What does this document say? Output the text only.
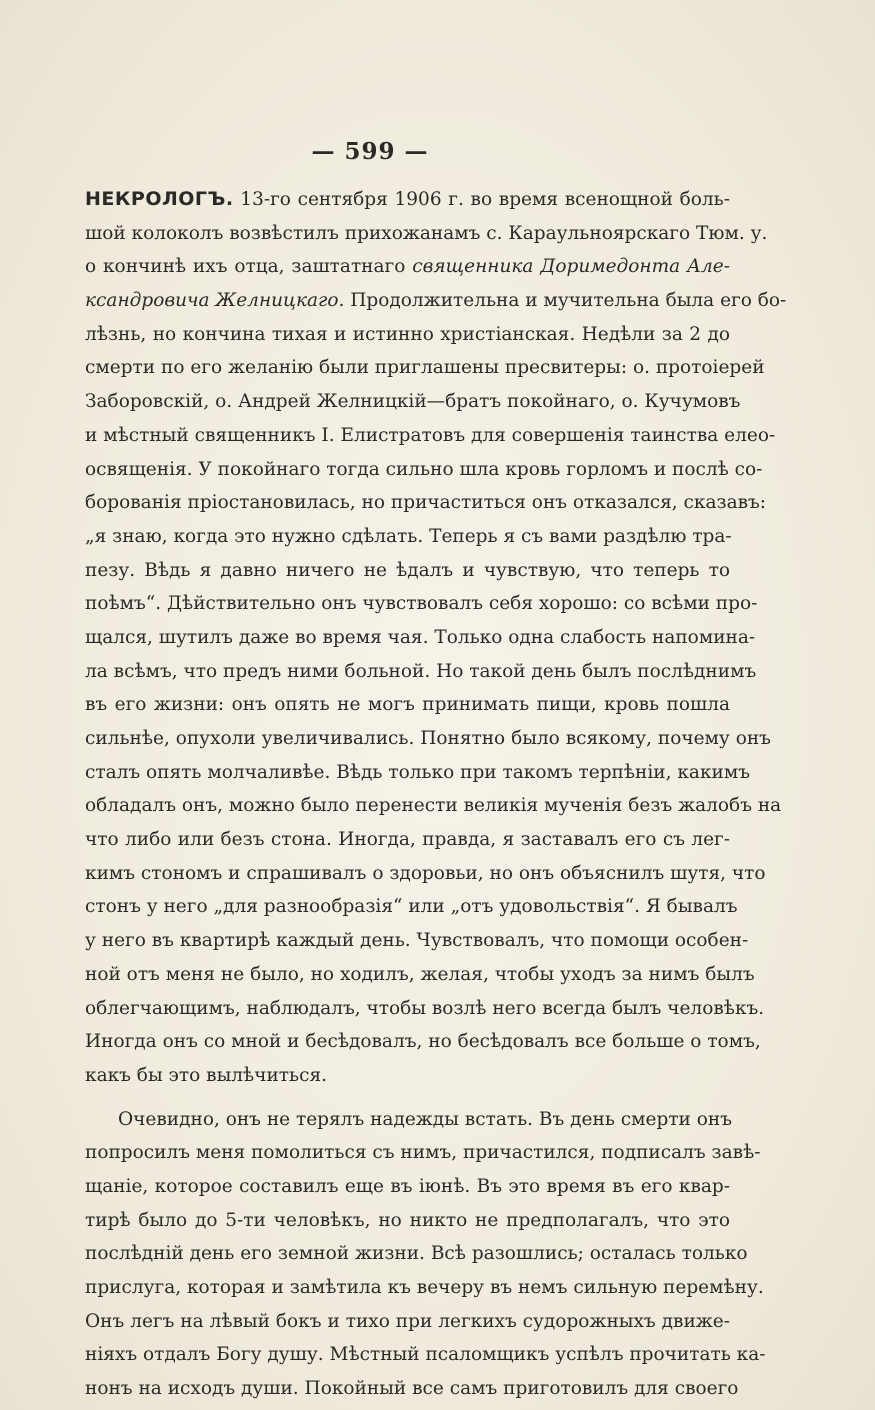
— 599 —
НЕКРОЛОГЪ. 13-го сентября 1906 г. во время всенощной боль-
шой колоколъ возвѣстилъ прихожанамъ с. Караульноярскаго Тюм. у.
о кончинѣ ихъ отца, заштатнаго священника Доримедонта Але-
ксандровича Желницкаго. Продолжительна и мучительна была его бо-
лѣзнь, но кончина тихая и истинно христіанская. Недѣли за 2 до
смерти по его желанію были приглашены пресвитеры: о. протоіерей
Заборовскій, о. Андрей Желницкій—братъ покойнаго, о. Кучумовъ
и мѣстный священникъ І. Елистратовъ для совершенія таинства елео-
освященія. У покойнаго тогда сильно шла кровь горломъ и послѣ со-
борованія пріостановилась, но причаститься онъ отказался, сказавъ:
„я знаю, когда это нужно сдѣлать. Теперь я съ вами раздѣлю тра-
пезу. Вѣдь я давно ничего не ѣдалъ и чувствую, что теперь то
поѣмъ“. Дѣйствительно онъ чувствовалъ себя хорошо: со всѣми про-
щался, шутилъ даже во время чая. Только одна слабость напомина-
ла всѣмъ, что предъ ними больной. Но такой день былъ послѣднимъ
въ его жизни: онъ опять не могъ принимать пищи, кровь пошла
сильнѣе, опухоли увеличивались. Понятно было всякому, почему онъ
сталъ опять молчаливѣе. Вѣдь только при такомъ терпѣніи, какимъ
обладалъ онъ, можно было перенести великія мученія безъ жалобъ на
что либо или безъ стона. Иногда, правда, я заставалъ его съ лег-
кимъ стономъ и спрашивалъ о здоровьи, но онъ объяснилъ шутя, что
стонъ у него „для разнообразія“ или „отъ удовольствія“. Я бывалъ
у него въ квартирѣ каждый день. Чувствовалъ, что помощи особен-
ной отъ меня не было, но ходилъ, желая, чтобы уходъ за нимъ былъ
облегчающимъ, наблюдалъ, чтобы возлѣ него всегда былъ человѣкъ.
Иногда онъ со мной и бесѣдовалъ, но бесѣдовалъ все больше о томъ,
какъ бы это вылѣчиться.
Очевидно, онъ не терялъ надежды встать. Въ день смерти онъ
попросилъ меня помолиться съ нимъ, причастился, подписалъ завѣ-
щаніе, которое составилъ еще въ іюнѣ. Въ это время въ его квар-
тирѣ было до 5-ти человѣкъ, но никто не предполагалъ, что это
послѣдній день его земной жизни. Всѣ разошлись; осталась только
прислуга, которая и замѣтила къ вечеру въ немъ сильную перемѣну.
Онъ легъ на лѣвый бокъ и тихо при легкихъ судорожныхъ движе-
ніяхъ отдалъ Богу душу. Мѣстный псаломщикъ успѣлъ прочитать ка-
нонъ на исходъ души. Покойный все самъ приготовилъ для своего
